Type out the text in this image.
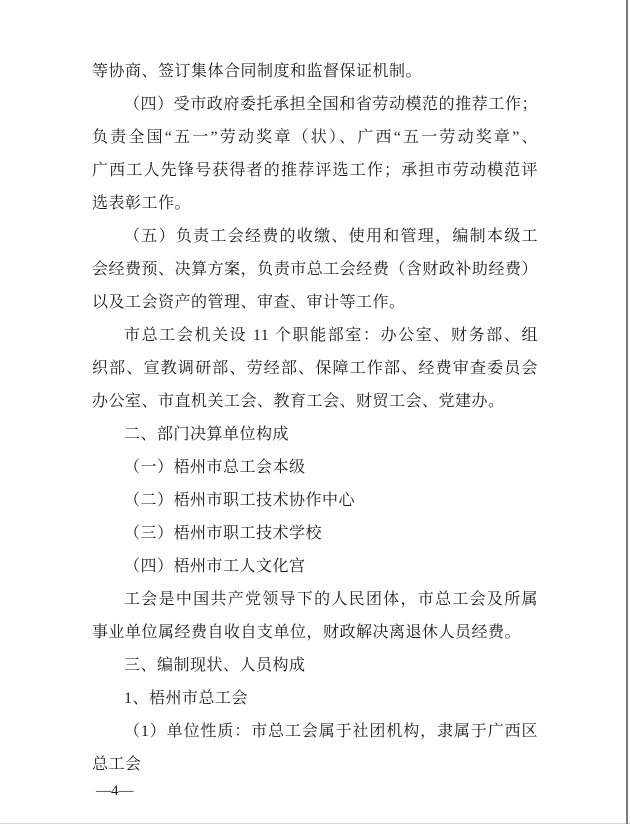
等协商、签订集体合同制度和监督保证机制。
（四）受市政府委托承担全国和省劳动模范的推荐工作；
负责全国“五一”劳动奖章（状）、广西“五一劳动奖章”、
广西工人先锋号获得者的推荐评选工作；承担市劳动模范评
选表彰工作。
（五）负责工会经费的收缴、使用和管理，编制本级工
会经费预、决算方案，负责市总工会经费（含财政补助经费）
以及工会资产的管理、审查、审计等工作。
市总工会机关设 11 个职能部室：办公室、财务部、组
织部、宣教调研部、劳经部、保障工作部、经费审查委员会
办公室、市直机关工会、教育工会、财贸工会、党建办。
二、部门决算单位构成
（一）梧州市总工会本级
（二）梧州市职工技术协作中心
（三）梧州市职工技术学校
（四）梧州市工人文化宫
工会是中国共产党领导下的人民团体，市总工会及所属
事业单位属经费自收自支单位，财政解决离退休人员经费。
三、编制现状、人员构成
1、梧州市总工会
（1）单位性质：市总工会属于社团机构，隶属于广西区
总工会
—4—
